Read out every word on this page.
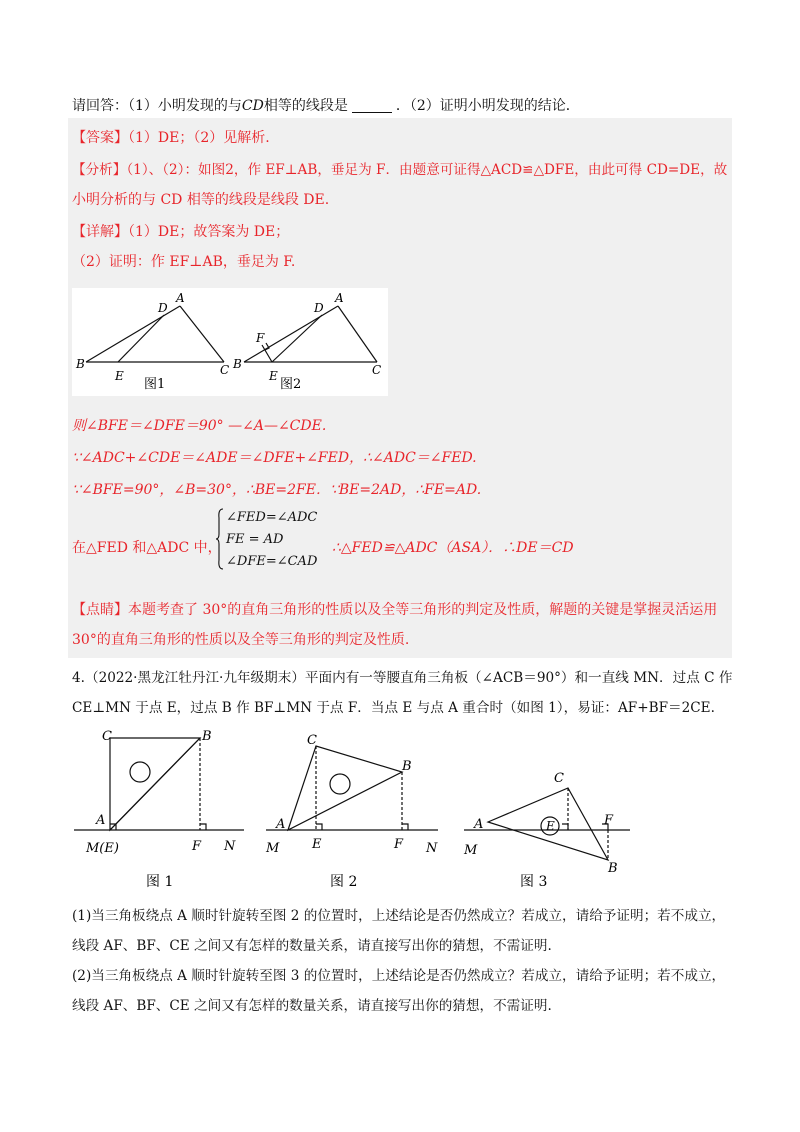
请回答：（1）小明发现的与CD相等的线段是	．（2）证明小明发现的结论．
【答案】（1）DE；（2）见解析.
【分析】（1）、（2）：如图2，作 EF⊥AB，垂足为 F．由题意可证得△ACD≌△DFE，由此可得 CD=DE，故
小明分析的与 CD 相等的线段是线段 DE.
【详解】（1）DE；故答案为 DE；
（2）证明：作 EF⊥AB，垂足为 F.
B
E
D
A
C
图1
B
E
F
D
A
C
图2
则∠BFE＝∠DFE＝90° —∠A—∠CDE.
∵∠ADC+∠CDE＝∠ADE＝∠DFE+∠FED，∴∠ADC＝∠FED.
∵∠BFE=90°，∠B=30°，∴BE=2FE．∵BE=2AD，∴FE=AD.
在△FED 和△ADC 中，
∠FED=∠ADC
FE = AD
∠DFE=∠CAD
∴△FED≌△ADC（ASA）．∴DE＝CD
【点睛】本题考查了 30°的直角三角形的性质以及全等三角形的判定及性质，解题的关键是掌握灵活运用
30°的直角三角形的性质以及全等三角形的判定及性质.
4.（2022·黑龙江牡丹江·九年级期末）平面内有一等腰直角三角板（∠ACB＝90°）和一直线 MN．过点 C 作
CE⊥MN 于点 E，过点 B 作 BF⊥MN 于点 F．当点 E 与点 A 重合时（如图 1），易证：AF+BF＝2CE.
C	B
A
M(E)	F N
图 1
C
B
A
M	E	F N
图 2
C
A	E	F
M
B
图 3
(1)当三角板绕点 A 顺时针旋转至图 2 的位置时，上述结论是否仍然成立？若成立，请给予证明；若不成立，
线段 AF、BF、CE 之间又有怎样的数量关系，请直接写出你的猜想，不需证明.
(2)当三角板绕点 A 顺时针旋转至图 3 的位置时，上述结论是否仍然成立？若成立，请给予证明；若不成立，
线段 AF、BF、CE 之间又有怎样的数量关系，请直接写出你的猜想，不需证明.
